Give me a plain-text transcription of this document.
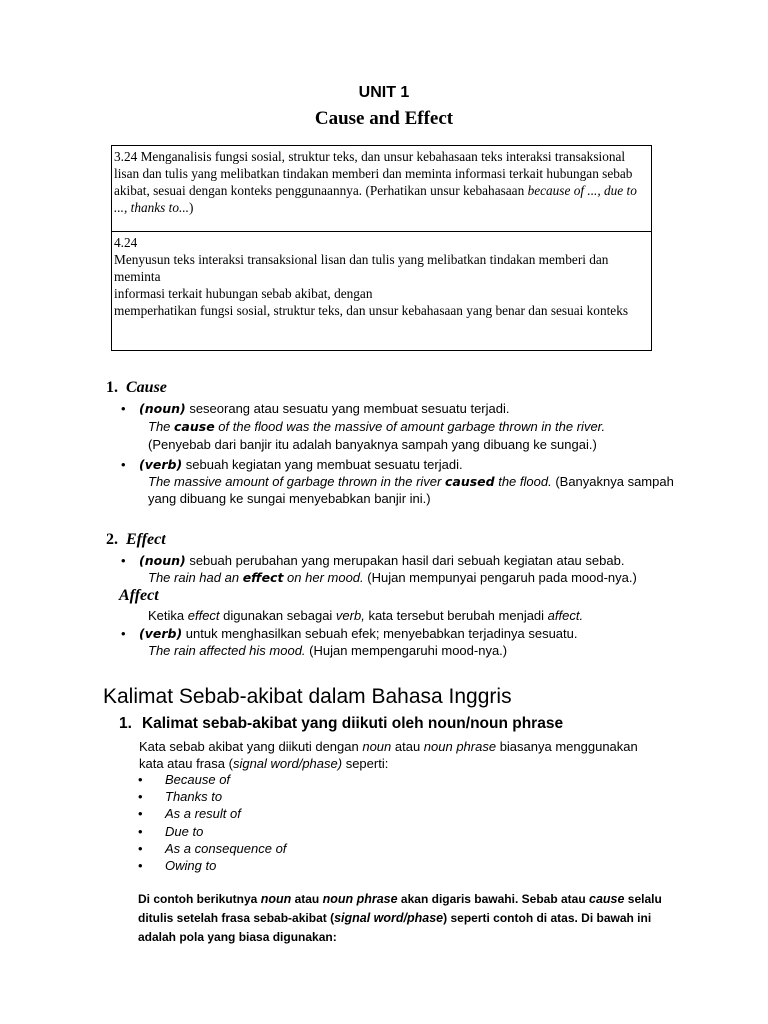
UNIT 1
Cause and Effect
3.24 Menganalisis fungsi sosial, struktur teks, dan unsur kebahasaan teks interaksi transaksional lisan dan tulis yang melibatkan tindakan memberi dan meminta informasi terkait hubungan sebab akibat, sesuai dengan konteks penggunaannya. (Perhatikan unsur kebahasaan because of ..., due to ..., thanks to...)
4.24
Menyusun teks interaksi transaksional lisan dan tulis yang melibatkan tindakan memberi dan meminta
informasi terkait hubungan sebab akibat, dengan
memperhatikan fungsi sosial, struktur teks, dan unsur kebahasaan yang benar dan sesuai konteks
1. Cause
• (noun) seseorang atau sesuatu yang membuat sesuatu terjadi.
The cause of the flood was the massive of amount garbage thrown in the river.
(Penyebab dari banjir itu adalah banyaknya sampah yang dibuang ke sungai.)
• (verb) sebuah kegiatan yang membuat sesuatu terjadi.
The massive amount of garbage thrown in the river caused the flood. (Banyaknya sampah yang dibuang ke sungai menyebabkan banjir ini.)
2. Effect
• (noun) sebuah perubahan yang merupakan hasil dari sebuah kegiatan atau sebab.
The rain had an effect on her mood. (Hujan mempunyai pengaruh pada mood-nya.)
Affect
Ketika effect digunakan sebagai verb, kata tersebut berubah menjadi affect.
• (verb) untuk menghasilkan sebuah efek; menyebabkan terjadinya sesuatu.
The rain affected his mood. (Hujan mempengaruhi mood-nya.)
Kalimat Sebab-akibat dalam Bahasa Inggris
1. Kalimat sebab-akibat yang diikuti oleh noun/noun phrase
Kata sebab akibat yang diikuti dengan noun atau noun phrase biasanya menggunakan
kata atau frasa (signal word/phase) seperti:
• Because of
• Thanks to
• As a result of
• Due to
• As a consequence of
• Owing to
Di contoh berikutnya noun atau noun phrase akan digaris bawahi. Sebab atau cause selalu
ditulis setelah frasa sebab-akibat (signal word/phase) seperti contoh di atas. Di bawah ini
adalah pola yang biasa digunakan:
